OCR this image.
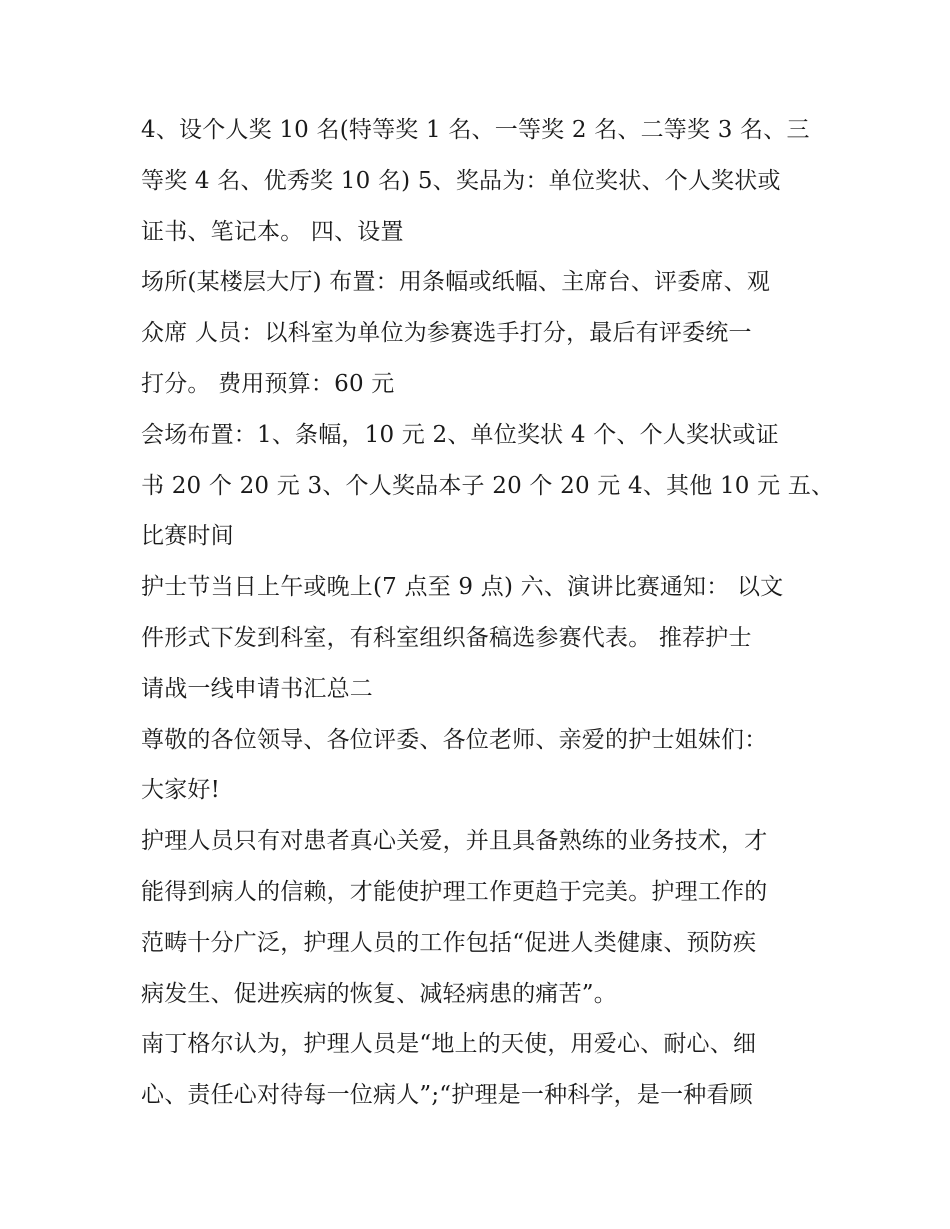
4、设个人奖 10 名(特等奖 1 名、一等奖 2 名、二等奖 3 名、三
等奖 4 名、优秀奖 10 名) 5、奖品为：单位奖状、个人奖状或
证书、笔记本。 四、设置
场所(某楼层大厅) 布置：用条幅或纸幅、主席台、评委席、观
众席 人员：以科室为单位为参赛选手打分，最后有评委统一
打分。 费用预算：60 元
会场布置：1、条幅，10 元 2、单位奖状 4 个、个人奖状或证
书 20 个 20 元 3、个人奖品本子 20 个 20 元 4、其他 10 元 五、
比赛时间
护士节当日上午或晚上(7 点至 9 点) 六、演讲比赛通知： 以文
件形式下发到科室，有科室组织备稿选参赛代表。 推荐护士
请战一线申请书汇总二
尊敬的各位领导、各位评委、各位老师、亲爱的护士姐妹们：
大家好!
护理人员只有对患者真心关爱，并且具备熟练的业务技术，才
能得到病人的信赖，才能使护理工作更趋于完美。护理工作的
范畴十分广泛，护理人员的工作包括“促进人类健康、预防疾
病发生、促进疾病的恢复、减轻病患的痛苦”。
南丁格尔认为，护理人员是“地上的天使，用爱心、耐心、细
心、责任心对待每一位病人”;“护理是一种科学，是一种看顾
